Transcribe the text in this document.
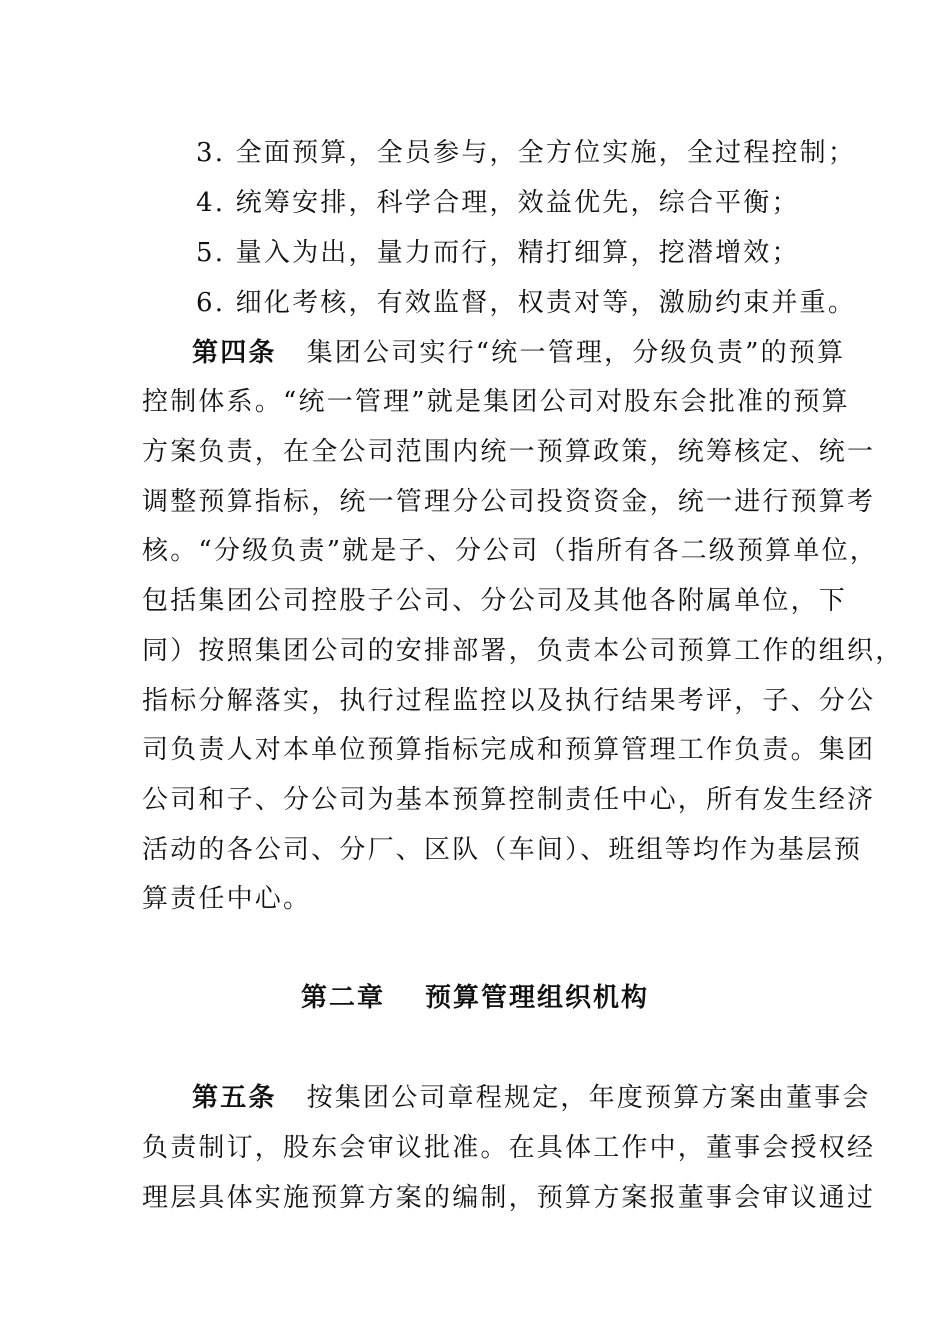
3. 全面预算，全员参与，全方位实施，全过程控制；
4. 统筹安排，科学合理，效益优先，综合平衡；
5. 量入为出，量力而行，精打细算，挖潜增效；
6. 细化考核，有效监督，权责对等，激励约束并重。
第四条 集团公司实行“统一管理，分级负责”的预算
控制体系。“统一管理”就是集团公司对股东会批准的预算
方案负责，在全公司范围内统一预算政策，统筹核定、统一
调整预算指标，统一管理分公司投资资金，统一进行预算考
核。“分级负责”就是子、分公司（指所有各二级预算单位，
包括集团公司控股子公司、分公司及其他各附属单位，下
同）按照集团公司的安排部署，负责本公司预算工作的组织，
指标分解落实，执行过程监控以及执行结果考评，子、分公
司负责人对本单位预算指标完成和预算管理工作负责。集团
公司和子、分公司为基本预算控制责任中心，所有发生经济
活动的各公司、分厂、区队（车间）、班组等均作为基层预
算责任中心。
第二章 预算管理组织机构
第五条 按集团公司章程规定，年度预算方案由董事会
负责制订，股东会审议批准。在具体工作中，董事会授权经
理层具体实施预算方案的编制，预算方案报董事会审议通过
